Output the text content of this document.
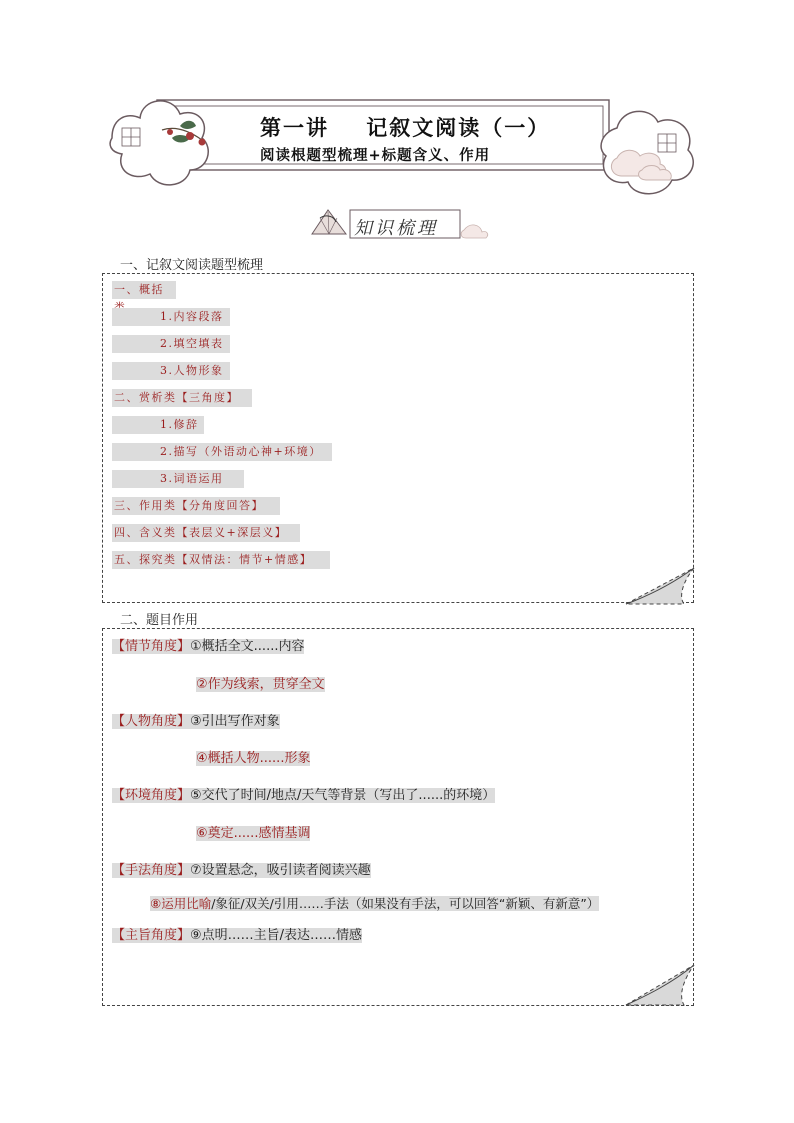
第一讲    记叙文阅读（一）
阅读根题型梳理+标题含义、作用
知识梳理
一、记叙文阅读题型梳理
一、概括
1.内容段落
2.填空填表
3.人物形象
二、赏析类【三角度】
1.修辞
2.描写（外语动心神+环境）
3.词语运用
三、作用类【分角度回答】
四、含义类【表层义+深层义】
五、探究类【双情法：情节+情感】
二、题目作用
【情节角度】①概括全文......内容
②作为线索，贯穿全文
【人物角度】③引出写作对象
④概括人物......形象
【环境角度】⑤交代了时间/地点/天气等背景（写出了......的环境）
⑥奠定......感情基调
【手法角度】⑦设置悬念，吸引读者阅读兴趣
⑧运用比喻/象征/双关/引用……手法（如果没有手法，可以回答“新颖、有新意”）
【主旨角度】⑨点明……主旨/表达……情感
